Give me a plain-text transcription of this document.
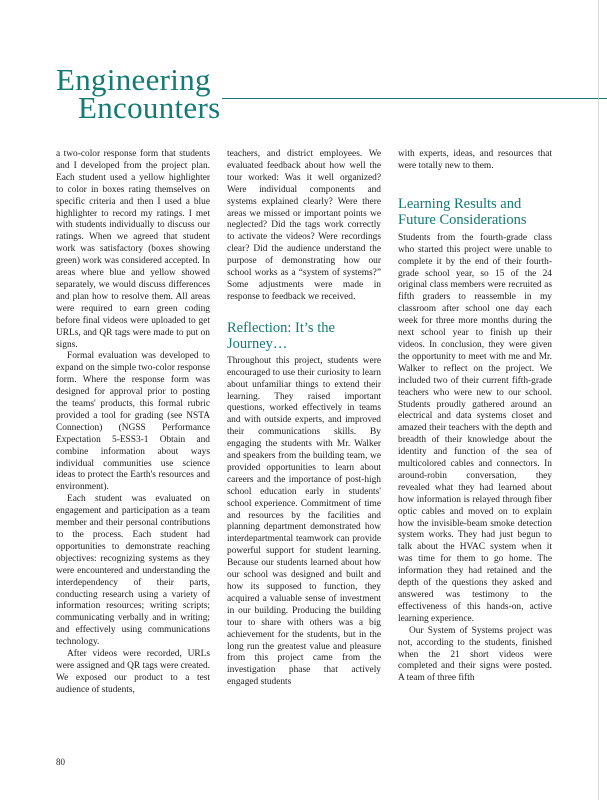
Engineering
Encounters

a two-color response form that students and I developed from the project plan. Each student used a yellow highlighter to color in boxes rating themselves on specific criteria and then I used a blue highlighter to record my ratings. I met with students individually to discuss our ratings. When we agreed that student work was satisfactory (boxes showing green) work was considered accepted. In areas where blue and yellow showed separately, we would discuss differences and plan how to resolve them. All areas were required to earn green coding before final videos were uploaded to get URLs, and QR tags were made to put on signs.

Formal evaluation was developed to expand on the simple two-color response form. Where the response form was designed for approval prior to posting the teams' products, this formal rubric provided a tool for grading (see NSTA Connection) (NGSS Performance Expectation 5-ESS3-1 Obtain and combine information about ways individual communities use science ideas to protect the Earth's resources and environment).

Each student was evaluated on engagement and participation as a team member and their personal contributions to the process. Each student had opportunities to demonstrate reaching objectives: recognizing systems as they were encountered and understanding the interdependency of their parts, conducting research using a variety of information resources; writing scripts; communicating verbally and in writing; and effectively using communications technology.

After videos were recorded, URLs were assigned and QR tags were created. We exposed our product to a test audience of students,

teachers, and district employees. We evaluated feedback about how well the tour worked: Was it well organized? Were individual components and systems explained clearly? Were there areas we missed or important points we neglected? Did the tags work correctly to activate the videos? Were recordings clear? Did the audience understand the purpose of demonstrating how our school works as a “system of systems?” Some adjustments were made in response to feedback we received.

Reflection: It’s the Journey…

Throughout this project, students were encouraged to use their curiosity to learn about unfamiliar things to extend their learning. They raised important questions, worked effectively in teams and with outside experts, and improved their communications skills. By engaging the students with Mr. Walker and speakers from the building team, we provided opportunities to learn about careers and the importance of post-high school education early in students' school experience. Commitment of time and resources by the facilities and planning department demonstrated how interdepartmental teamwork can provide powerful support for student learning. Because our students learned about how our school was designed and built and how its supposed to function, they acquired a valuable sense of investment in our building. Producing the building tour to share with others was a big achievement for the students, but in the long run the greatest value and pleasure from this project came from the investigation phase that actively engaged students

with experts, ideas, and resources that were totally new to them.

Learning Results and Future Considerations

Students from the fourth-grade class who started this project were unable to complete it by the end of their fourth-grade school year, so 15 of the 24 original class members were recruited as fifth graders to reassemble in my classroom after school one day each week for three more months during the next school year to finish up their videos. In conclusion, they were given the opportunity to meet with me and Mr. Walker to reflect on the project. We included two of their current fifth-grade teachers who were new to our school. Students proudly gathered around an electrical and data systems closet and amazed their teachers with the depth and breadth of their knowledge about the identity and function of the sea of multicolored cables and connectors. In around-robin conversation, they revealed what they had learned about how information is relayed through fiber optic cables and moved on to explain how the invisible-beam smoke detection system works. They had just begun to talk about the HVAC system when it was time for them to go home. The information they had retained and the depth of the questions they asked and answered was testimony to the effectiveness of this hands-on, active learning experience.

Our System of Systems project was not, according to the students, finished when the 21 short videos were completed and their signs were posted. A team of three fifth

80
